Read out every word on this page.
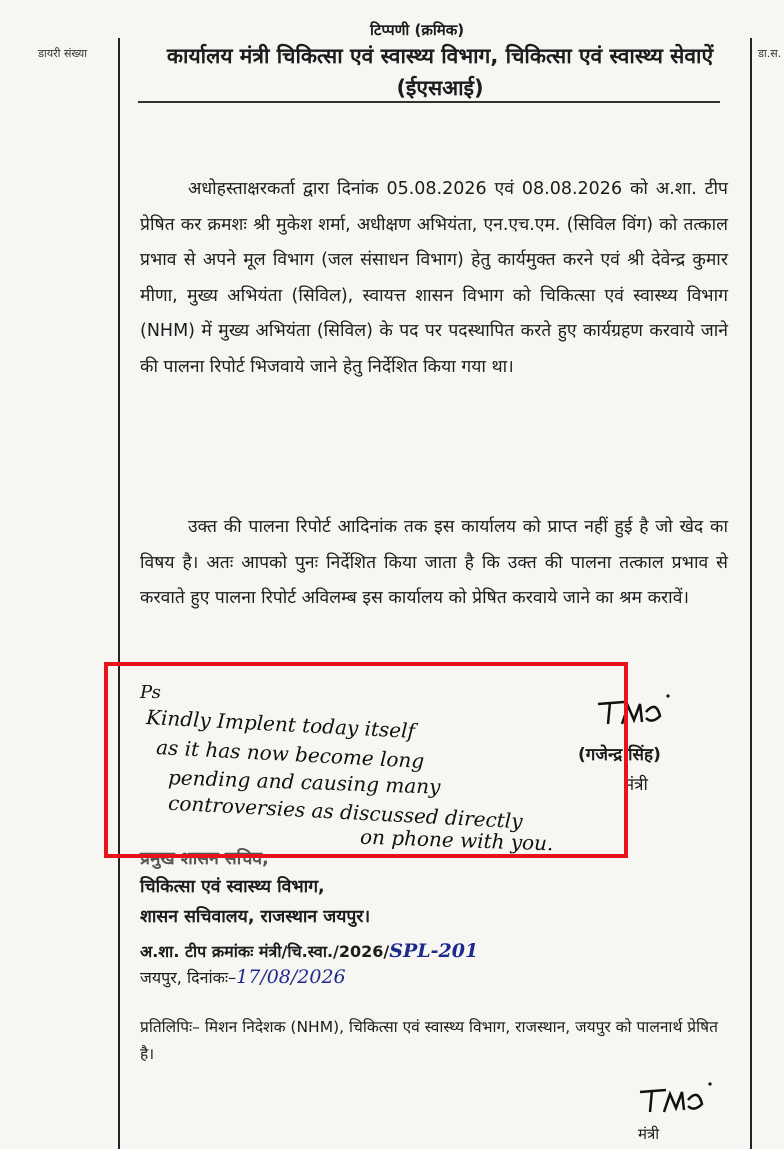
डायरी संख्या	डा.स.
टिप्पणी (क्रमिक)
कार्यालय मंत्री चिकित्सा एवं स्वास्थ्य विभाग, चिकित्सा एवं स्वास्थ्य सेवाऐं (ईएसआई)
अधोहस्ताक्षरकर्ता द्वारा दिनांक 05.08.2026 एवं 08.08.2026 को अ.शा. टीप प्रेषित कर क्रमशः श्री मुकेश शर्मा, अधीक्षण अभियंता, एन.एच.एम. (सिविल विंग) को तत्काल प्रभाव से अपने मूल विभाग (जल संसाधन विभाग) हेतु कार्यमुक्त करने एवं श्री देवेन्द्र कुमार मीणा, मुख्य अभियंता (सिविल), स्वायत्त शासन विभाग को चिकित्सा एवं स्वास्थ्य विभाग (NHM) में मुख्य अभियंता (सिविल) के पद पर पदस्थापित करते हुए कार्यग्रहण करवाये जाने की पालना रिपोर्ट भिजवाये जाने हेतु निर्देशित किया गया था।
उक्त की पालना रिपोर्ट आदिनांक तक इस कार्यालय को प्राप्त नहीं हुई है जो खेद का विषय है। अतः आपको पुनः निर्देशित किया जाता है कि उक्त की पालना तत्काल प्रभाव से करवाते हुए पालना रिपोर्ट अविलम्ब इस कार्यालय को प्रेषित करवाये जाने का श्रम करावें।
(गजेन्द्र सिंह)
मंत्री
प्रमुख शासन सचिव,
Ps
Kindly Implent today itself
as it has now become long
pending and causing many
controversies as discussed directly
on phone with you.
चिकित्सा एवं स्वास्थ्य विभाग,
शासन सचिवालय, राजस्थान जयपुर।
अ.शा. टीप क्रमांकः मंत्री/चि.स्वा./2026/SPL-201
जयपुर, दिनांकः–17/08/2026
प्रतिलिपिः– मिशन निदेशक (NHM), चिकित्सा एवं स्वास्थ्य विभाग, राजस्थान, जयपुर को पालनार्थ प्रेषित है।
मंत्री
